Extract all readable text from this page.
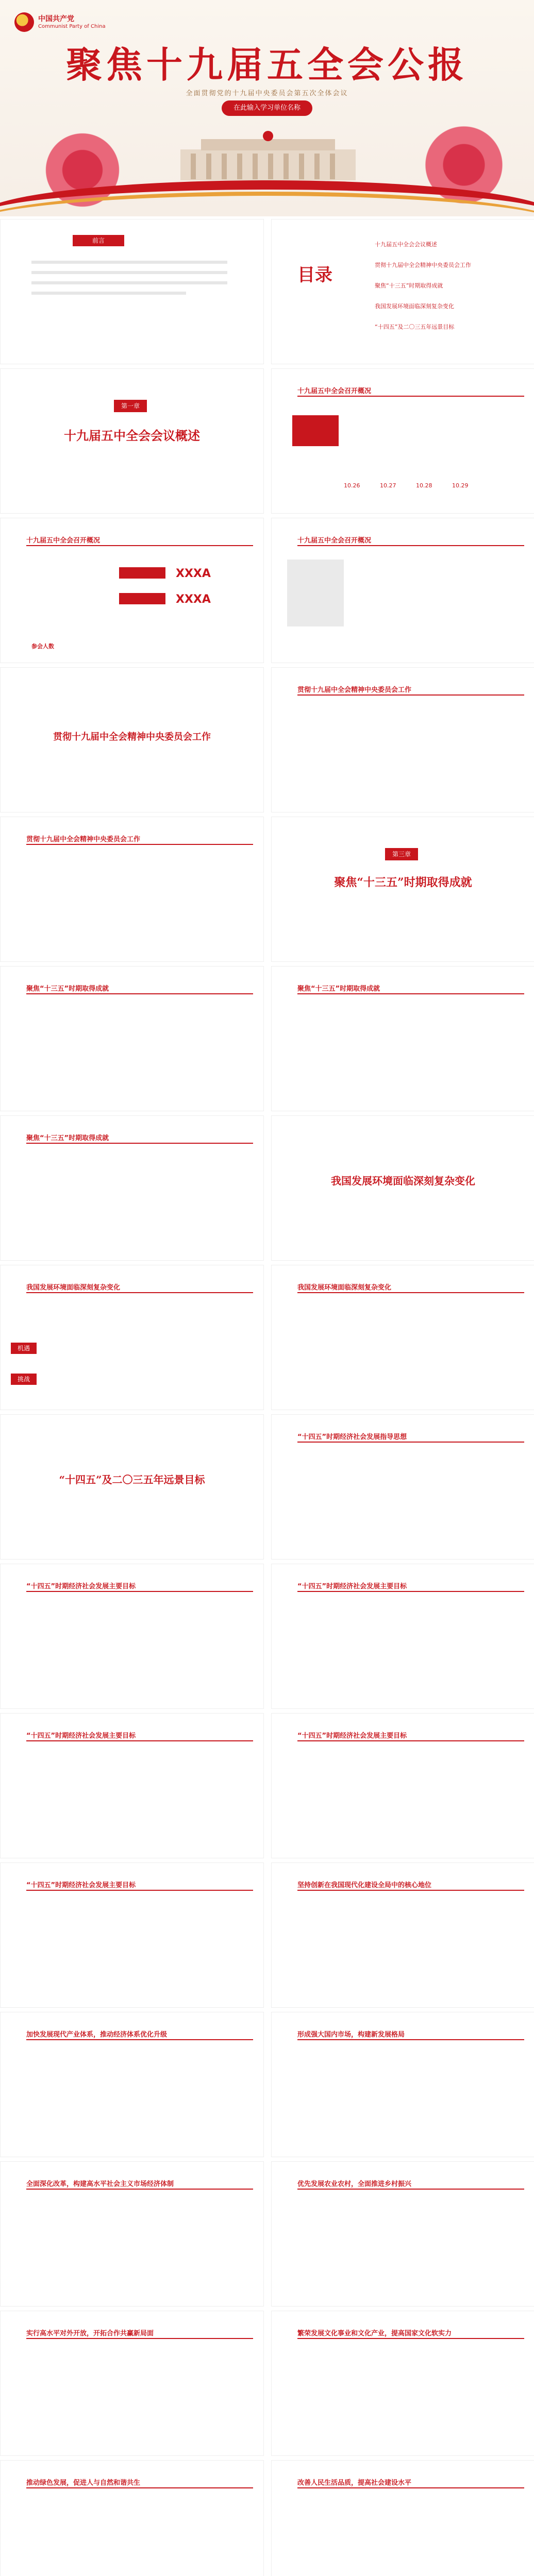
中国共产党
Communist Party of China
聚焦十九届五全会公报
全面贯彻党的十九届中央委员会第五次全体会议
在此输入学习单位名称
前言
目录
十九届五中全会会议概述
贯彻十九届中全会精神中央委员会工作
聚焦“十三五”时期取得成就
我国发展环境面临深刻复杂变化
“十四五”及二〇三五年远景目标
第一章
十九届五中全会会议概述
十九届五中全会召开概况
10.26	10.27	10.28	10.29
十九届五中全会召开概况
XXXA
XXXA
参会人数
十九届五中全会召开概况
贯彻十九届中全会精神中央委员会工作
贯彻十九届中全会精神中央委员会工作
贯彻十九届中全会精神中央委员会工作
第三章
聚焦“十三五”时期取得成就
聚焦“十三五”时期取得成就	聚焦“十三五”时期取得成就
聚焦“十三五”时期取得成就
我国发展环境面临深刻复杂变化
我国发展环境面临深刻复杂变化
机遇
挑战
我国发展环境面临深刻复杂变化
“十四五”及二〇三五年远景目标
“十四五”时期经济社会发展指导思想
“十四五”时期经济社会发展主要目标	“十四五”时期经济社会发展主要目标
“十四五”时期经济社会发展主要目标	“十四五”时期经济社会发展主要目标
“十四五”时期经济社会发展主要目标	坚持创新在我国现代化建设全局中的核心地位
加快发展现代产业体系，推动经济体系优化升级	形成强大国内市场，构建新发展格局
全面深化改革，构建高水平社会主义市场经济体制	优先发展农业农村，全面推进乡村振兴
实行高水平对外开放，开拓合作共赢新局面	繁荣发展文化事业和文化产业，提高国家文化软实力
推动绿色发展，促进人与自然和谐共生	改善人民生活品质，提高社会建设水平
